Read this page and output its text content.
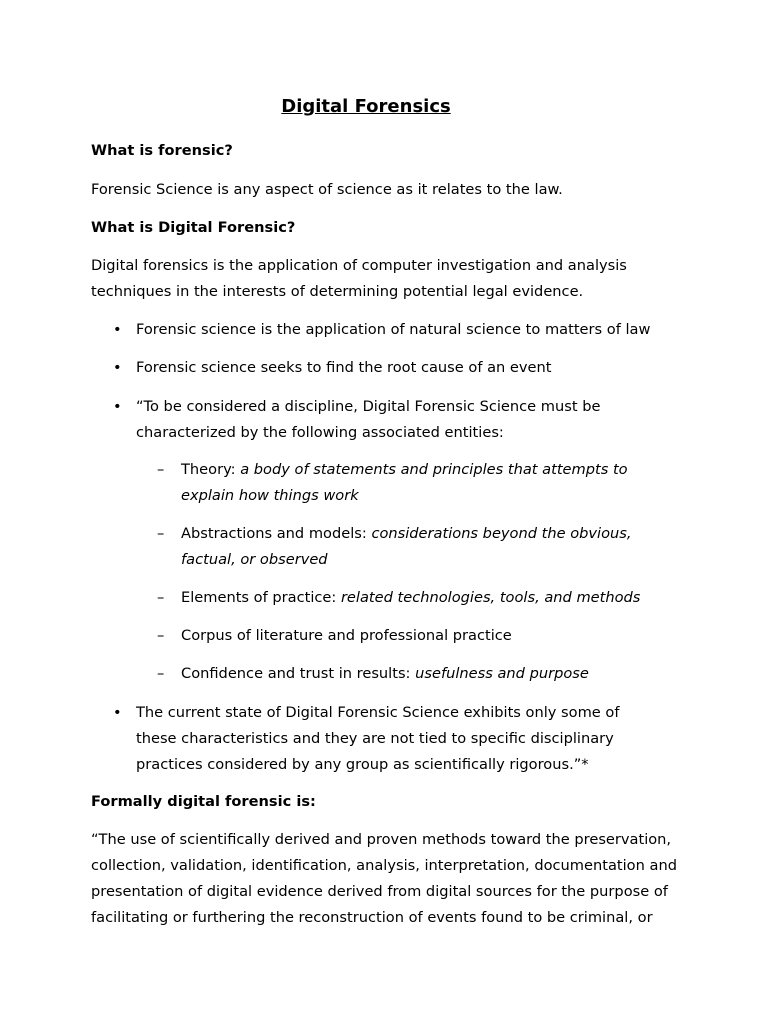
Digital Forensics

What is forensic?

Forensic Science is any aspect of science as it relates to the law.

What is Digital Forensic?

Digital forensics is the application of computer investigation and analysis techniques in the interests of determining potential legal evidence.

• Forensic science is the application of natural science to matters of law
• Forensic science seeks to find the root cause of an event
• “To be considered a discipline, Digital Forensic Science must be characterized by the following associated entities:
– Theory: a body of statements and principles that attempts to explain how things work
– Abstractions and models: considerations beyond the obvious, factual, or observed
– Elements of practice: related technologies, tools, and methods
– Corpus of literature and professional practice
– Confidence and trust in results: usefulness and purpose
• The current state of Digital Forensic Science exhibits only some of these characteristics and they are not tied to specific disciplinary practices considered by any group as scientifically rigorous.”*

Formally digital forensic is:

“The use of scientifically derived and proven methods toward the preservation, collection, validation, identification, analysis, interpretation, documentation and presentation of digital evidence derived from digital sources for the purpose of facilitating or furthering the reconstruction of events found to be criminal, or
